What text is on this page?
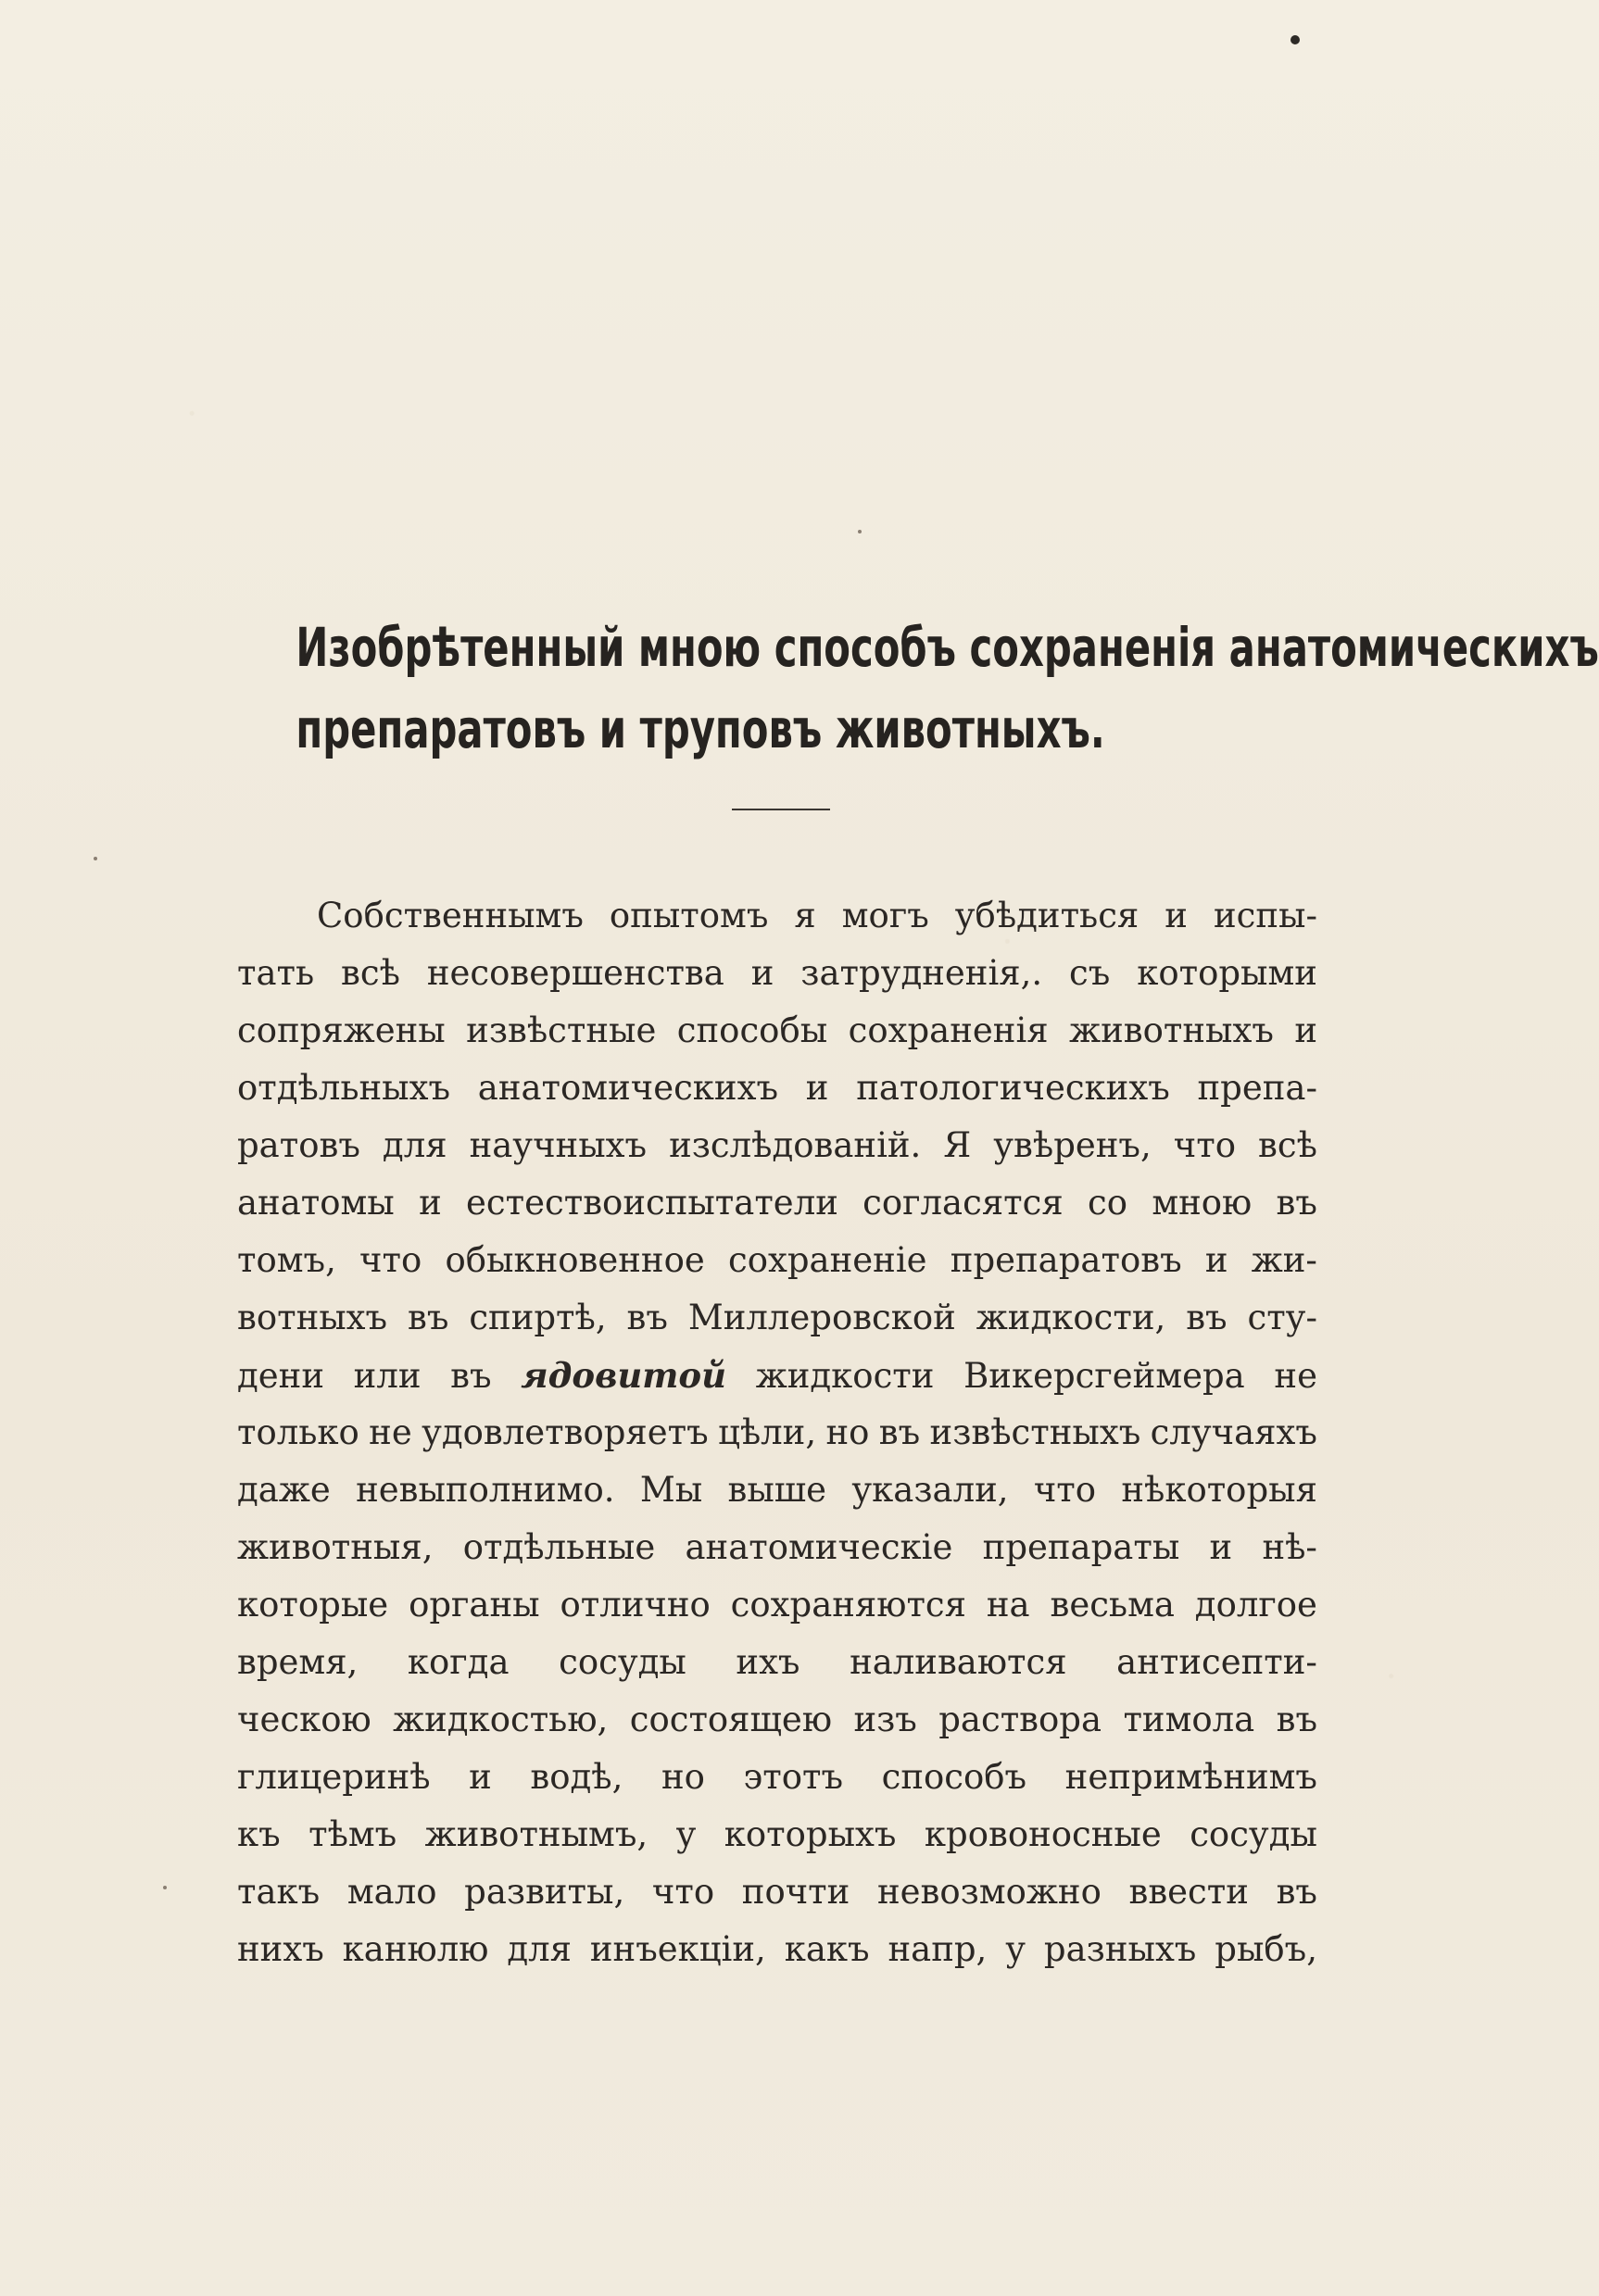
Изобрѣтенный мною способъ сохраненія анатомическихъ
препаратовъ и труповъ животныхъ.
Собственнымъ опытомъ я могъ убѣдиться и испы-
тать всѣ несовершенства и затрудненія,. съ которыми
сопряжены извѣстные способы сохраненія животныхъ и
отдѣльныхъ анатомическихъ и патологическихъ препа-
ратовъ для научныхъ изслѣдованій. Я увѣренъ, что всѣ
анатомы и естествоиспытатели согласятся со мною въ
томъ, что обыкновенное сохраненіе препаратовъ и жи-
вотныхъ въ спиртѣ, въ Миллеровской жидкости, въ сту-
дени или въ ядовитой жидкости Викерсгеймера не
только не удовлетворяетъ цѣли, но въ извѣстныхъ случаяхъ
даже невыполнимо. Мы выше указали, что нѣкоторыя
животныя, отдѣльные анатомическіе препараты и нѣ-
которые органы отлично сохраняются на весьма долгое
время, когда сосуды ихъ наливаются антисепти-
ческою жидкостью, состоящею изъ раствора тимола въ
глицеринѣ и водѣ, но этотъ способъ непримѣнимъ
къ тѣмъ животнымъ, у которыхъ кровоносные сосуды
такъ мало развиты, что почти невозможно ввести въ
нихъ канюлю для инъекціи, какъ напр, у разныхъ рыбъ,
